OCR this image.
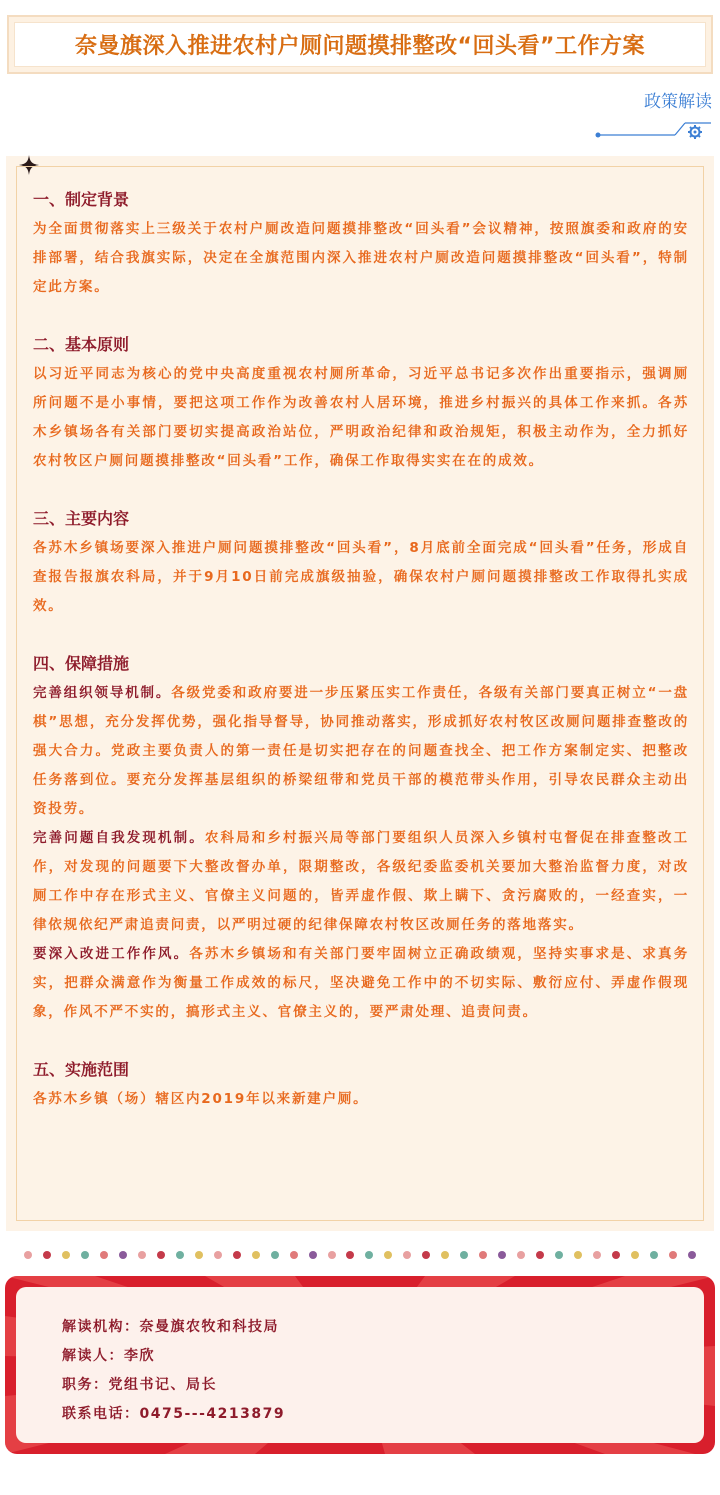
奈曼旗深入推进农村户厕问题摸排整改“回头看”工作方案
政策解读
一、制定背景
为全面贯彻落实上三级关于农村户厕改造问题摸排整改“回头看”会议精神，按照旗委和政府的安排部署，结合我旗实际，决定在全旗范围内深入推进农村户厕改造问题摸排整改“回头看”，特制定此方案。
二、基本原则
以习近平同志为核心的党中央高度重视农村厕所革命，习近平总书记多次作出重要指示，强调厕所问题不是小事情，要把这项工作作为改善农村人居环境，推进乡村振兴的具体工作来抓。各苏木乡镇场各有关部门要切实提高政治站位，严明政治纪律和政治规矩，积极主动作为，全力抓好农村牧区户厕问题摸排整改“回头看”工作，确保工作取得实实在在的成效。
三、主要内容
各苏木乡镇场要深入推进户厕问题摸排整改“回头看”，8月底前全面完成“回头看”任务，形成自查报告报旗农科局，并于9月10日前完成旗级抽验，确保农村户厕问题摸排整改工作取得扎实成效。
四、保障措施
完善组织领导机制。各级党委和政府要进一步压紧压实工作责任，各级有关部门要真正树立“一盘棋”思想，充分发挥优势，强化指导督导，协同推动落实，形成抓好农村牧区改厕问题排查整改的强大合力。党政主要负责人的第一责任是切实把存在的问题查找全、把工作方案制定实、把整改任务落到位。要充分发挥基层组织的桥梁纽带和党员干部的模范带头作用，引导农民群众主动出资投劳。
完善问题自我发现机制。农科局和乡村振兴局等部门要组织人员深入乡镇村屯督促在排查整改工作，对发现的问题要下大整改督办单，限期整改，各级纪委监委机关要加大整治监督力度，对改厕工作中存在形式主义、官僚主义问题的，皆弄虚作假、欺上瞒下、贪污腐败的，一经查实，一律依规依纪严肃追责问责，以严明过硬的纪律保障农村牧区改厕任务的落地落实。
要深入改进工作作风。各苏木乡镇场和有关部门要牢固树立正确政绩观，坚持实事求是、求真务实，把群众满意作为衡量工作成效的标尺，坚决避免工作中的不切实际、敷衍应付、弄虚作假现象，作风不严不实的，搞形式主义、官僚主义的，要严肃处理、追责问责。
五、实施范围
各苏木乡镇（场）辖区内2019年以来新建户厕。
解读机构：奈曼旗农牧和科技局
解读人：李欣
职务：党组书记、局长
联系电话：0475---4213879
